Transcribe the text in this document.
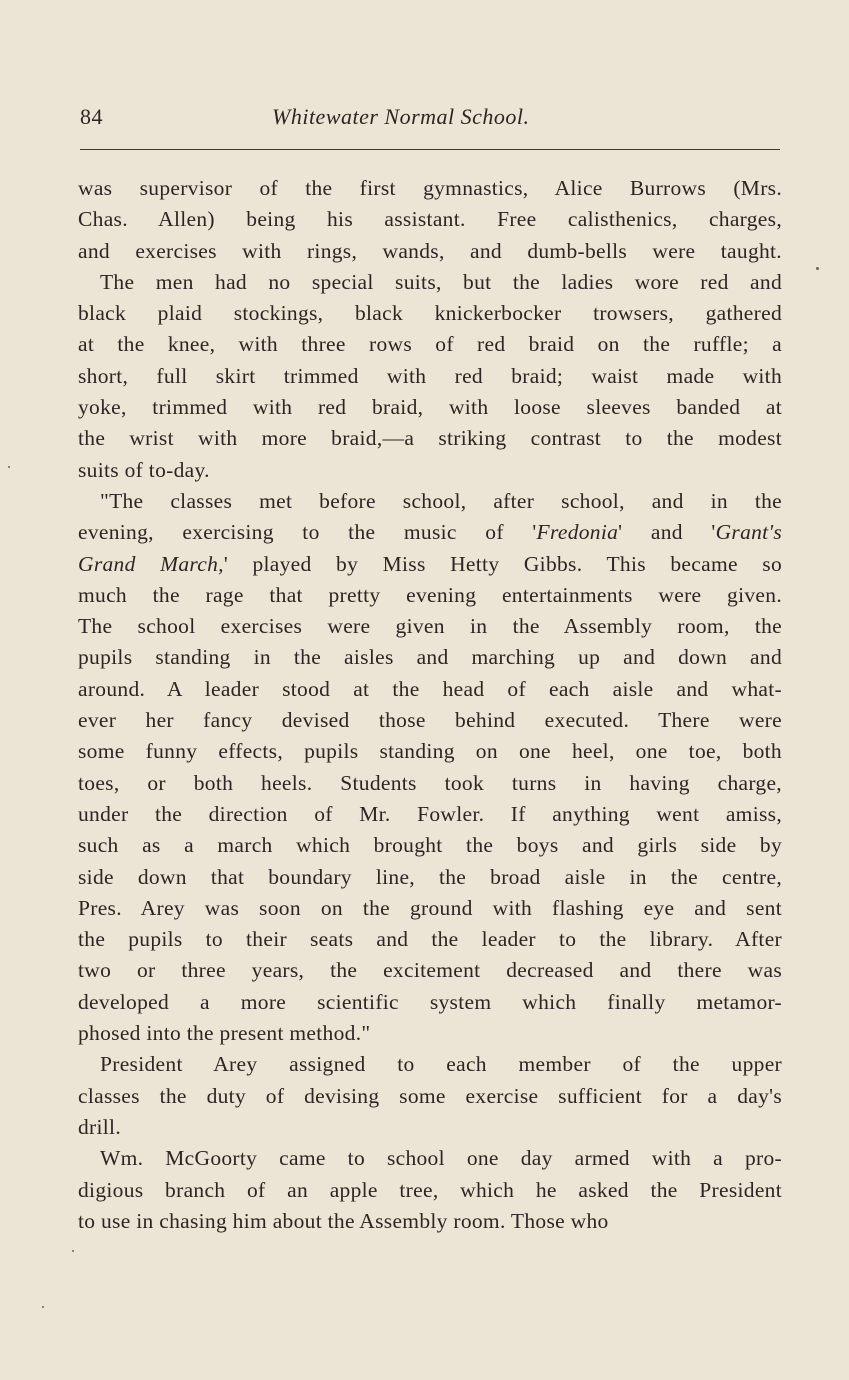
84	Whitewater Normal School.
was supervisor of the first gymnastics, Alice Burrows (Mrs.
Chas. Allen) being his assistant. Free calisthenics, charges,
and exercises with rings, wands, and dumb-bells were taught.
The men had no special suits, but the ladies wore red and
black plaid stockings, black knickerbocker trowsers, gathered
at the knee, with three rows of red braid on the ruffle; a
short, full skirt trimmed with red braid; waist made with
yoke, trimmed with red braid, with loose sleeves banded at
the wrist with more braid,—a striking contrast to the modest
suits of to-day.
"The classes met before school, after school, and in the
evening, exercising to the music of 'Fredonia' and 'Grant's
Grand March,' played by Miss Hetty Gibbs. This became so
much the rage that pretty evening entertainments were given.
The school exercises were given in the Assembly room, the
pupils standing in the aisles and marching up and down and
around. A leader stood at the head of each aisle and what-
ever her fancy devised those behind executed. There were
some funny effects, pupils standing on one heel, one toe, both
toes, or both heels. Students took turns in having charge,
under the direction of Mr. Fowler. If anything went amiss,
such as a march which brought the boys and girls side by
side down that boundary line, the broad aisle in the centre,
Pres. Arey was soon on the ground with flashing eye and sent
the pupils to their seats and the leader to the library. After
two or three years, the excitement decreased and there was
developed a more scientific system which finally metamor-
phosed into the present method."
President Arey assigned to each member of the upper
classes the duty of devising some exercise sufficient for a day's
drill.
Wm. McGoorty came to school one day armed with a pro-
digious branch of an apple tree, which he asked the President
to use in chasing him about the Assembly room. Those who
